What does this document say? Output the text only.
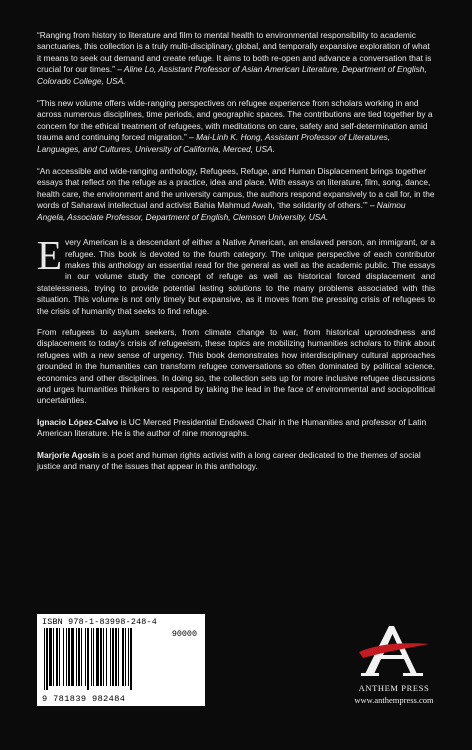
“Ranging from history to literature and film to mental health to environmental responsibility to academic sanctuaries, this collection is a truly multi-disciplinary, global, and temporally expansive exploration of what it means to seek out demand and create refuge. It aims to both re-open and advance a conversation that is crucial for our times.” – Aline Lo, Assistant Professor of Asian American Literature, Department of English, Colorado College, USA.

“This new volume offers wide-ranging perspectives on refugee experience from scholars working in and across numerous disciplines, time periods, and geographic spaces. The contributions are tied together by a concern for the ethical treatment of refugees, with meditations on care, safety and self-determination amid trauma and continuing forced migration.” – Mai-Linh K. Hong, Assistant Professor of Literatures, Languages, and Cultures, University of California, Merced, USA.

“An accessible and wide-ranging anthology, Refugees, Refuge, and Human Displacement brings together essays that reflect on the refuge as a practice, idea and place. With essays on literature, film, song, dance, health care, the environment and the university campus, the authors respond expansively to a call for, in the words of Saharawi intellectual and activist Bahia Mahmud Awah, ‘the solidarity of others.’” – Naimou Angela, Associate Professor, Department of English, Clemson University, USA.

Every American is a descendant of either a Native American, an enslaved person, an immigrant, or a refugee. This book is devoted to the fourth category. The unique perspective of each contributor makes this anthology an essential read for the general as well as the academic public. The essays in our volume study the concept of refuge as well as historical forced displacement and statelessness, trying to provide potential lasting solutions to the many problems associated with this situation. This volume is not only timely but expansive, as it moves from the pressing crisis of refugees to the crisis of humanity that seeks to find refuge.

From refugees to asylum seekers, from climate change to war, from historical uprootedness and displacement to today’s crisis of refugeeism, these topics are mobilizing humanities scholars to think about refugees with a new sense of urgency. This book demonstrates how interdisciplinary cultural approaches grounded in the humanities can transform refugee conversations so often dominated by political science, economics and other disciplines. In doing so, the collection sets up for more inclusive refugee discussions and urges humanities thinkers to respond by taking the lead in the face of environmental and sociopolitical uncertainties.

Ignacio López-Calvo is UC Merced Presidential Endowed Chair in the Humanities and professor of Latin American literature. He is the author of nine monographs.

Marjorie Agosín is a poet and human rights activist with a long career dedicated to the themes of social justice and many of the issues that appear in this anthology.

ISBN 978-1-83998-248-4
90000
9 781839 982484
ANTHEM PRESS
www.anthempress.com
